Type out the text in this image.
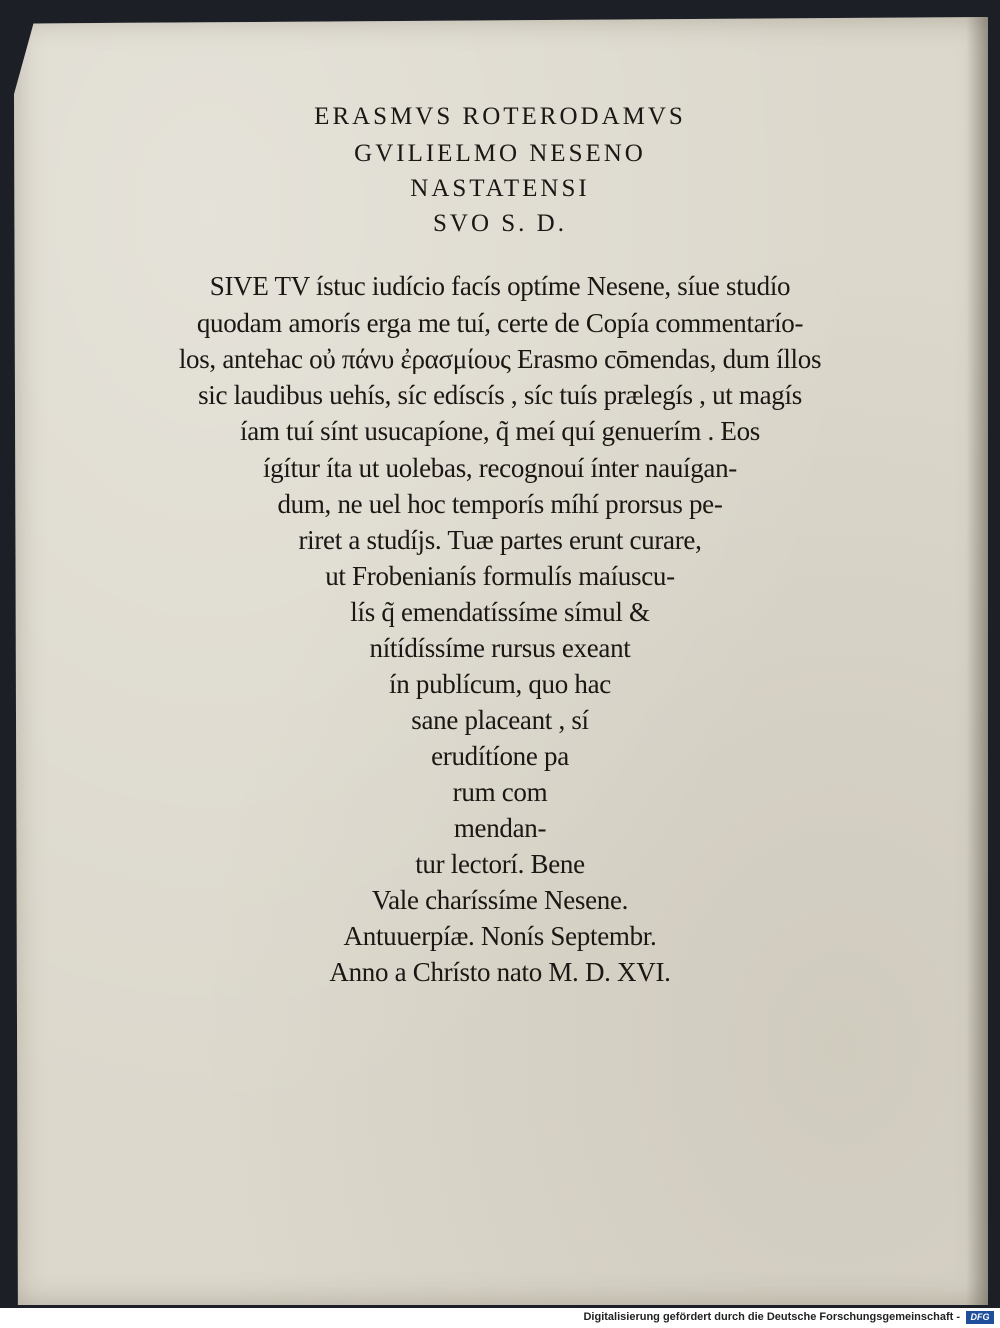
ERASMVS ROTERODAMVS
GVILIELMO NESENO
NASTATENSI
SVO S. D.
SIVE TV ístuc iudício facís optíme Nesene, síue studío
quodam amorís erga me tuí, certe de Copía commentarío-
los, antehac οὐ πάνυ ἐρασμίους Erasmo cōmendas, dum íllos
sic laudibus uehís, síc edíscís , síc tuís prælegís , ut magís
íam tuí sínt usucapíone, q̃ meí quí genuerím . Eos
ígítur íta ut uolebas, recognouí ínter nauígan-
dum, ne uel hoc temporís míhí prorsus pe-
riret a studíjs. Tuæ partes erunt curare,
ut Frobenianís formulís maíuscu-
lís q̃ emendatíssíme símul &
nítídíssíme rursus exeant
ín publícum, quo hac
sane placeant , sí
erudítíone pa
rum com
mendan-
tur lectorí. Bene
Vale charíssíme Nesene.
Antuuerpíæ. Nonís Septembr.
Anno a Chrísto nato M. D. XVI.
Digitalisierung gefördert durch die Deutsche Forschungsgemeinschaft -	DFG
